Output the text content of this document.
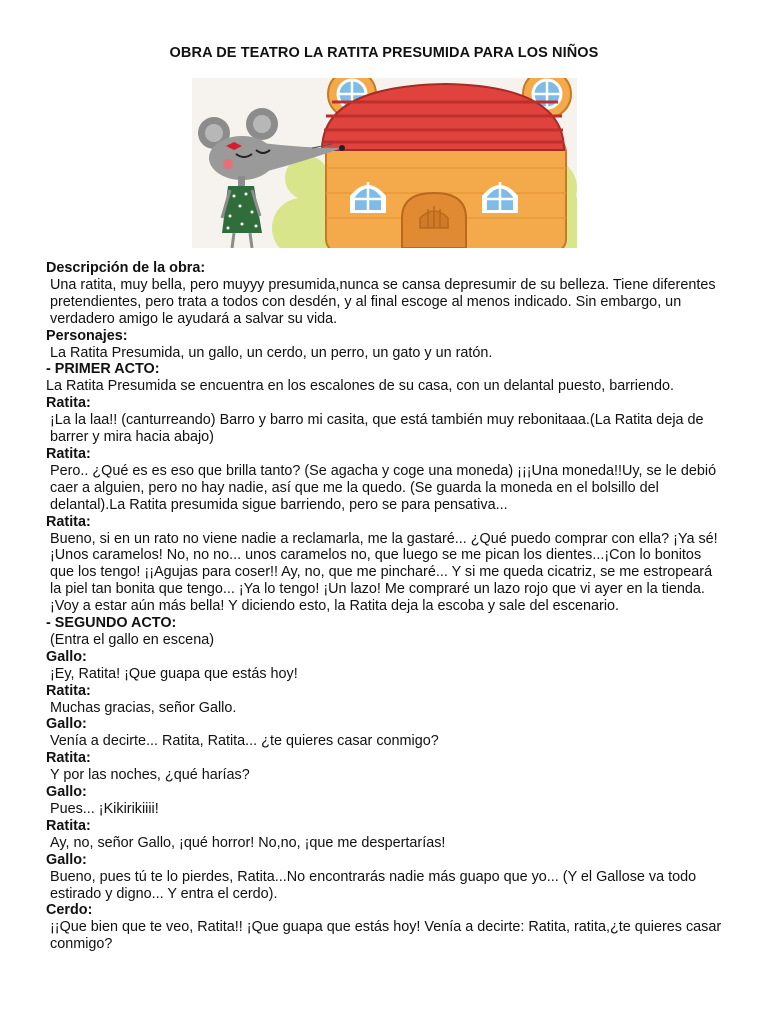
OBRA DE TEATRO LA RATITA PRESUMIDA PARA LOS NIÑOS

Descripción de la obra:

Una ratita, muy bella, pero muyyy presumida,nunca se cansa depresumir de su belleza. Tiene diferentes pretendientes, pero trata a todos con desdén, y al final escoge al menos indicado. Sin embargo, un verdadero amigo le ayudará a salvar su vida.

Personajes:

La Ratita Presumida, un gallo, un cerdo, un perro, un gato y un ratón.

- PRIMER ACTO:

La Ratita Presumida se encuentra en los escalones de su casa, con un delantal puesto, barriendo.

Ratita:

¡La la laa!! (canturreando) Barro y barro mi casita, que está también muy rebonitaaa.(La Ratita deja de barrer y mira hacia abajo)

Ratita:

Pero.. ¿Qué es es eso que brilla tanto? (Se agacha y coge una moneda) ¡¡¡Una moneda!!Uy, se le debió caer a alguien, pero no hay nadie, así que me la quedo. (Se guarda la moneda en el bolsillo del delantal).La Ratita presumida sigue barriendo, pero se para pensativa...

Ratita:

Bueno, si en un rato no viene nadie a reclamarla, me la gastaré... ¿Qué puedo comprar con ella? ¡Ya sé! ¡Unos caramelos! No, no no... unos caramelos no, que luego se me pican los dientes...¡Con lo bonitos que los tengo! ¡¡Agujas para coser!! Ay, no, que me pincharé... Y si me queda cicatriz, se me estropeará la piel tan bonita que tengo... ¡Ya lo tengo! ¡Un lazo! Me compraré un lazo rojo que vi ayer en la tienda. ¡Voy a estar aún más bella! Y diciendo esto, la Ratita deja la escoba y sale del escenario.

- SEGUNDO ACTO:

(Entra el gallo en escena)

Gallo:

¡Ey, Ratita! ¡Que guapa que estás hoy!

Ratita:

Muchas gracias, señor Gallo.

Gallo:

Venía a decirte... Ratita, Ratita... ¿te quieres casar conmigo?

Ratita:

Y por las noches, ¿qué harías?

Gallo:

Pues... ¡Kikirikiiii!

Ratita:

Ay, no, señor Gallo, ¡qué horror! No,no, ¡que me despertarías!

Gallo:

Bueno, pues tú te lo pierdes, Ratita...No encontrarás nadie más guapo que yo... (Y el Gallose va todo estirado y digno... Y entra el cerdo).

Cerdo:

¡¡Que bien que te veo, Ratita!! ¡Que guapa que estás hoy! Venía a decirte: Ratita, ratita,¿te quieres casar conmigo?
